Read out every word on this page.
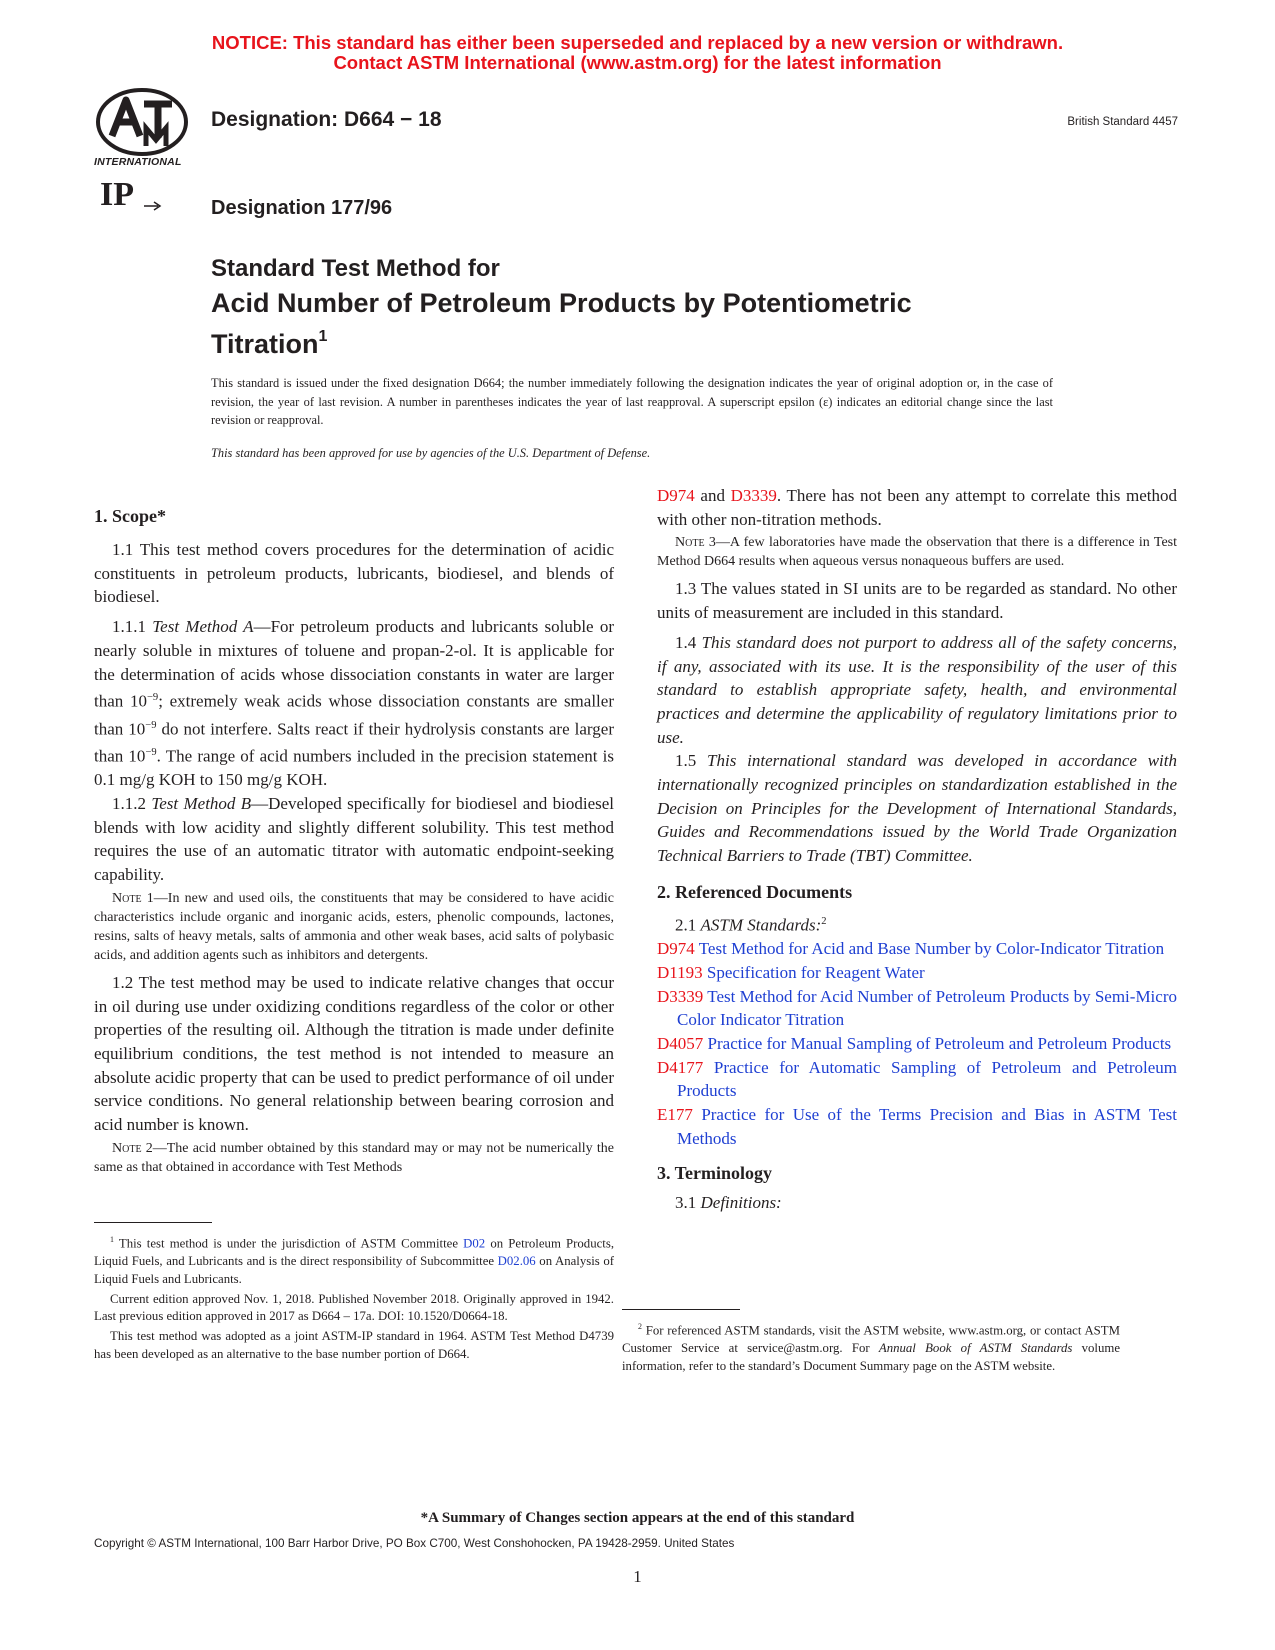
NOTICE: This standard has either been superseded and replaced by a new version or withdrawn.
Contact ASTM International (www.astm.org) for the latest information
INTERNATIONAL
IP
Designation: D664 − 18	British Standard 4457
Designation 177/96
Standard Test Method for
Acid Number of Petroleum Products by Potentiometric Titration$^1$
This standard is issued under the fixed designation D664; the number immediately following the designation indicates the year of original adoption or, in the case of revision, the year of last revision. A number in parentheses indicates the year of last reapproval. A superscript epsilon (ε) indicates an editorial change since the last revision or reapproval.
This standard has been approved for use by agencies of the U.S. Department of Defense.
1. Scope*

1.1 This test method covers procedures for the determination of acidic constituents in petroleum products, lubricants, biodiesel, and blends of biodiesel.

1.1.1 Test Method A—For petroleum products and lubricants soluble or nearly soluble in mixtures of toluene and propan-2-ol. It is applicable for the determination of acids whose dissociation constants in water are larger than $10^{-9}$; extremely weak acids whose dissociation constants are smaller than $10^{-9}$ do not interfere. Salts react if their hydrolysis constants are larger than $10^{-9}$. The range of acid numbers included in the precision statement is 0.1 mg/g KOH to 150 mg/g KOH.

1.1.2 Test Method B—Developed specifically for biodiesel and biodiesel blends with low acidity and slightly different solubility. This test method requires the use of an automatic titrator with automatic endpoint-seeking capability.

Note 1—In new and used oils, the constituents that may be considered to have acidic characteristics include organic and inorganic acids, esters, phenolic compounds, lactones, resins, salts of heavy metals, salts of ammonia and other weak bases, acid salts of polybasic acids, and addition agents such as inhibitors and detergents.

1.2 The test method may be used to indicate relative changes that occur in oil during use under oxidizing conditions regardless of the color or other properties of the resulting oil. Although the titration is made under definite equilibrium conditions, the test method is not intended to measure an absolute acidic property that can be used to predict performance of oil under service conditions. No general relationship between bearing corrosion and acid number is known.

Note 2—The acid number obtained by this standard may or may not be numerically the same as that obtained in accordance with Test Methods

$^1$ This test method is under the jurisdiction of ASTM Committee D02 on Petroleum Products, Liquid Fuels, and Lubricants and is the direct responsibility of Subcommittee D02.06 on Analysis of Liquid Fuels and Lubricants.

Current edition approved Nov. 1, 2018. Published November 2018. Originally approved in 1942. Last previous edition approved in 2017 as D664 – 17a. DOI: 10.1520/D0664-18.

This test method was adopted as a joint ASTM-IP standard in 1964. ASTM Test Method D4739 has been developed as an alternative to the base number portion of D664.

D974 and D3339. There has not been any attempt to correlate this method with other non-titration methods.

Note 3—A few laboratories have made the observation that there is a difference in Test Method D664 results when aqueous versus nonaqueous buffers are used.

1.3 The values stated in SI units are to be regarded as standard. No other units of measurement are included in this standard.

1.4 This standard does not purport to address all of the safety concerns, if any, associated with its use. It is the responsibility of the user of this standard to establish appropriate safety, health, and environmental practices and determine the applicability of regulatory limitations prior to use.

1.5 This international standard was developed in accordance with internationally recognized principles on standardization established in the Decision on Principles for the Development of International Standards, Guides and Recommendations issued by the World Trade Organization Technical Barriers to Trade (TBT) Committee.

2. Referenced Documents

2.1 ASTM Standards:$^2$

D974 Test Method for Acid and Base Number by Color-Indicator Titration

D1193 Specification for Reagent Water

D3339 Test Method for Acid Number of Petroleum Products by Semi-Micro Color Indicator Titration

D4057 Practice for Manual Sampling of Petroleum and Petroleum Products

D4177 Practice for Automatic Sampling of Petroleum and Petroleum Products

E177 Practice for Use of the Terms Precision and Bias in ASTM Test Methods

3. Terminology

3.1 Definitions:

$^2$ For referenced ASTM standards, visit the ASTM website, www.astm.org, or contact ASTM Customer Service at service@astm.org. For Annual Book of ASTM Standards volume information, refer to the standard’s Document Summary page on the ASTM website.

*A Summary of Changes section appears at the end of this standard
Copyright © ASTM International, 100 Barr Harbor Drive, PO Box C700, West Conshohocken, PA 19428-2959. United States
1
